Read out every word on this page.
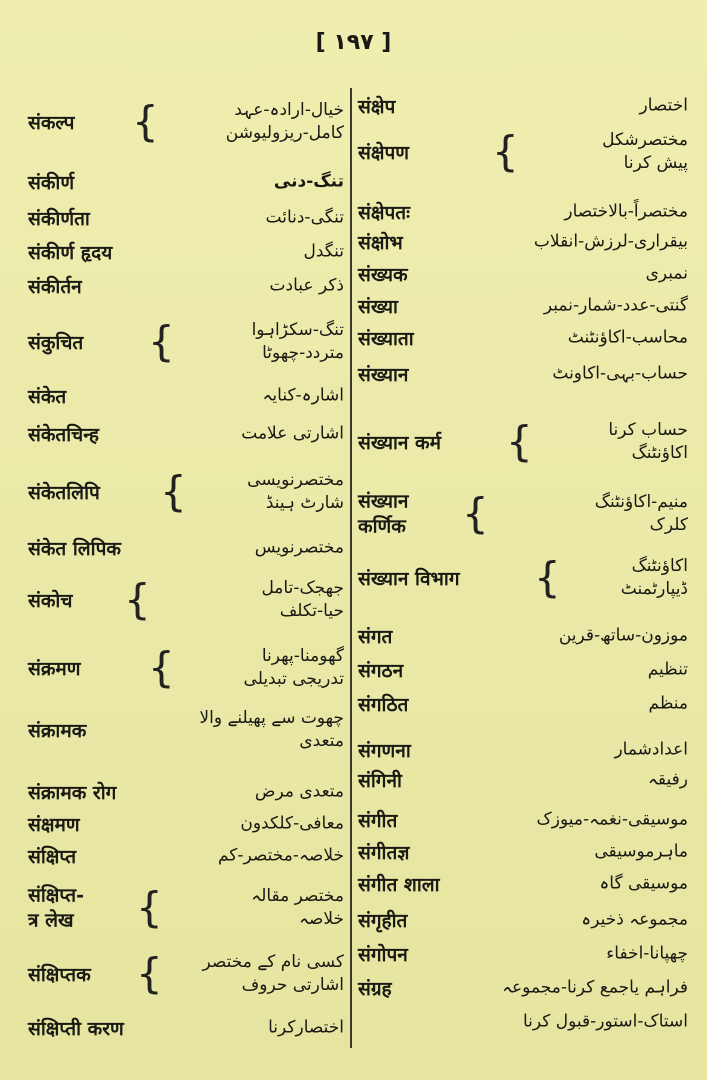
[ ۱۹۷ ]
संकल्प {	خیال-ارادہ-عہد
کامل-ریزولیوشن
संकीर्ण	تنگ-دنی
संकीर्णता	تنگی-دنائت
संकीर्ण हृदय	تنگدل
संकीर्तन	ذکر عبادت
संकुचित {	تنگ-سکڑاہوا
متردد-چھوٹا
संकेत	اشارہ-کنایہ
संकेतचिन्ह	اشارتی علامت
संकेतलिपि {	مختصرنویسی
شارٹ ہینڈ
संकेत लिपिक	مختصرنویس
संकोच {	جھجک-تامل
حیا-تکلف
संक्रमण {	گھومنا-پھرنا
تدریجی تبدیلی
संक्रामक
چھوت سے پھیلنے والا
متعدی
संक्रामक रोग	متعدی مرض
संक्षमण	معافی-کلکدون
संक्षिप्त	خلاصہ-مختصر-کم
संक्षिप्त-
त्र लेख {	مختصر مقالہ
خلاصہ
संक्षिप्तक { کسی نام کے مختصر
اشارتی حروف
संक्षिप्ती करण	اختصارکرنا
संक्षेप	اختصار
संक्षेपण {	مختصرشکل
پیش کرنا
संक्षेपतः	مختصراً-بالاختصار
संक्षोभ	بیقراری-لرزش-انقلاب
संख्यक	نمبری
संख्या	گنتی-عدد-شمار-نمبر
संख्याता	محاسب-اکاؤنٹنٹ
संख्यान	حساب-بہی-اکاونٹ
संख्यान कर्म {	حساب کرنا
اکاؤنٹنگ
संख्यान
कर्णिक {	منیم-اکاؤنٹنگ
کلرک
संख्यान विभाग {	اکاؤنٹنگ
ڈیپارٹمنٹ
संगत	موزون-ساتھ-قرین
संगठन	تنظیم
संगठित	منظم
संगणना	اعدادشمار
संगिनी	رفیقہ
संगीत	موسیقی-نغمہ-میوزک
संगीतज्ञ	ماہرموسیقی
संगीत शाला	موسیقی گاہ
संगृहीत	مجموعہ ذخیرہ
संगोपन	چھپانا-اخفاء
संग्रह	فراہم یاجمع کرنا-مجموعہ
استاک-استور-قبول کرنا
